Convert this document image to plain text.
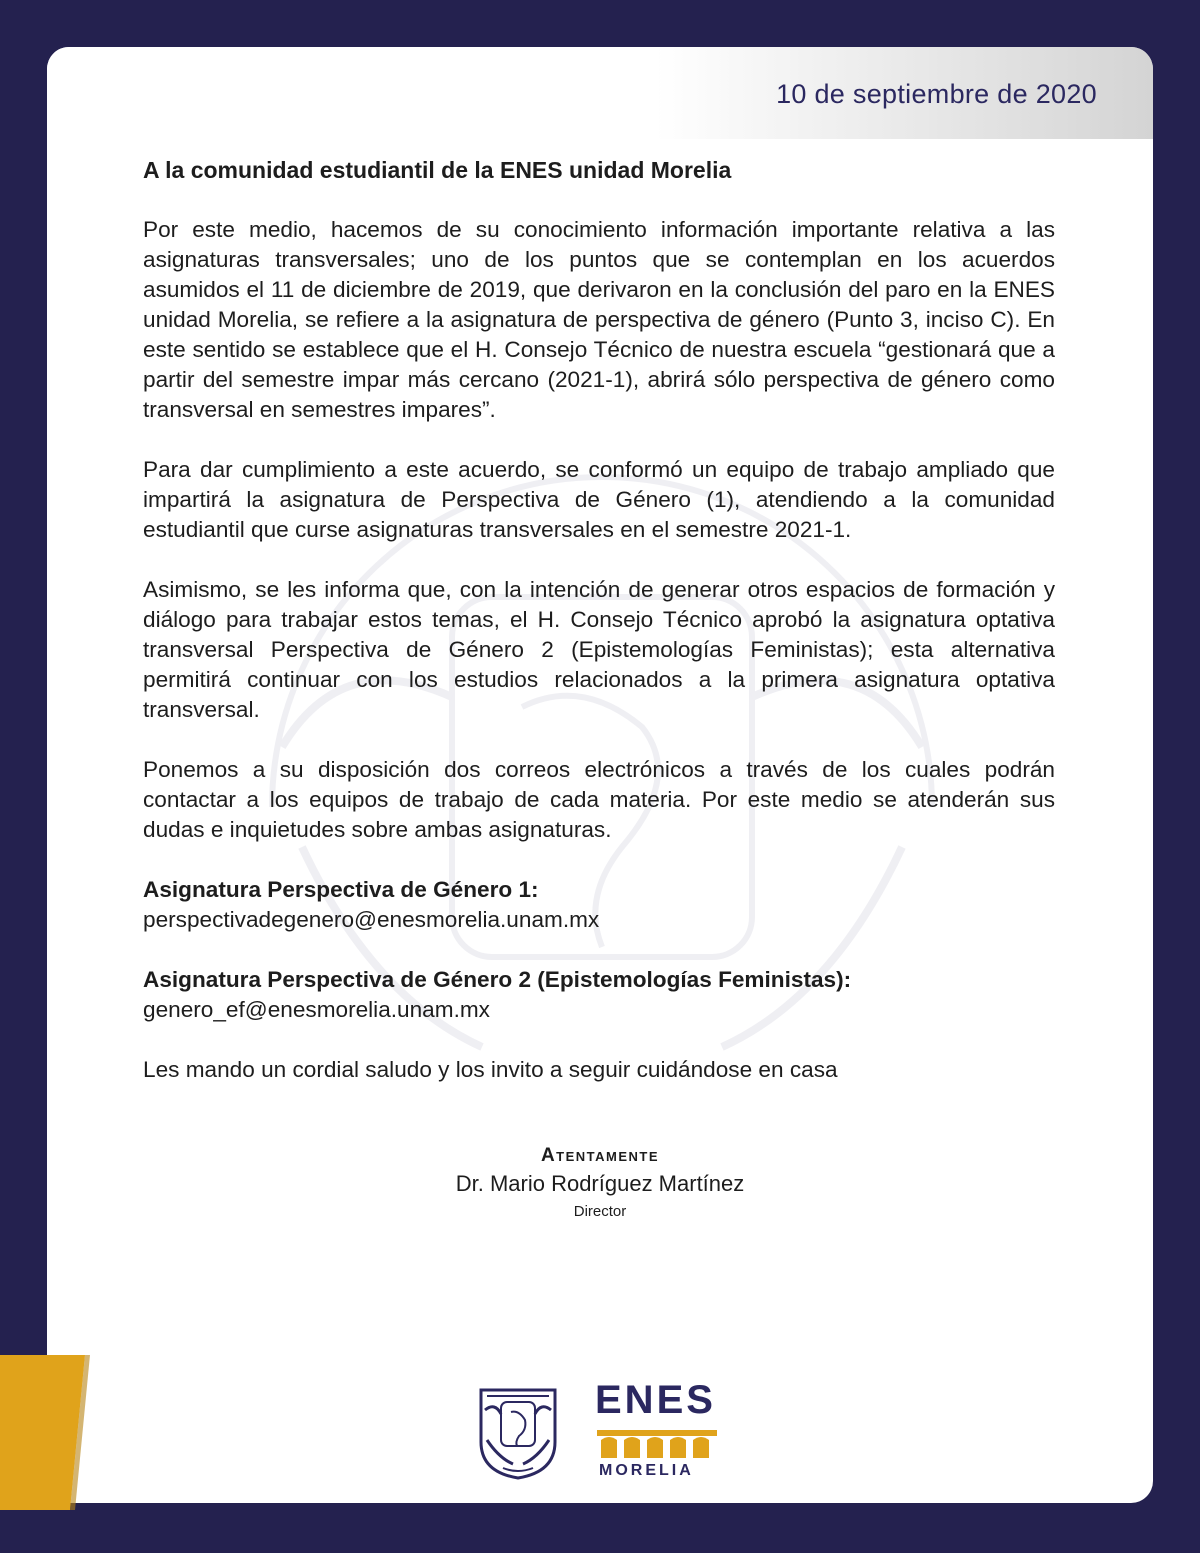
10 de septiembre de 2020

A la comunidad estudiantil de la ENES unidad Morelia

Por este medio, hacemos de su conocimiento información importante relativa a las asignaturas transversales; uno de los puntos que se contemplan en los acuerdos asumidos el 11 de diciembre de 2019, que derivaron en la conclusión del paro en la ENES unidad Morelia, se refiere a la asignatura de perspectiva de género (Punto 3, inciso C). En este sentido se establece que el H. Consejo Técnico de nuestra escuela “gestionará que a partir del semestre impar más cercano (2021-1), abrirá sólo perspectiva de género como transversal en semestres impares”.

Para dar cumplimiento a este acuerdo, se conformó un equipo de trabajo ampliado que impartirá la asignatura de Perspectiva de Género (1), atendiendo a la comunidad estudiantil que curse asignaturas transversales en el semestre 2021-1.

Asimismo, se les informa que, con la intención de generar otros espacios de formación y diálogo para trabajar estos temas, el H. Consejo Técnico aprobó la asignatura optativa transversal Perspectiva de Género 2 (Epistemologías Feministas); esta alternativa permitirá continuar con los estudios relacionados a la primera asignatura optativa transversal.

Ponemos a su disposición dos correos electrónicos a través de los cuales podrán contactar a los equipos de trabajo de cada materia. Por este medio se atenderán sus dudas e inquietudes sobre ambas asignaturas.

Asignatura Perspectiva de Género 1:

perspectivadegenero@enesmorelia.unam.mx

Asignatura Perspectiva de Género 2 (Epistemologías Feministas):

genero_ef@enesmorelia.unam.mx

Les mando un cordial saludo y los invito a seguir cuidándose en casa

Atentamente

Dr. Mario Rodríguez Martínez

Director

ENES
MORELIA
